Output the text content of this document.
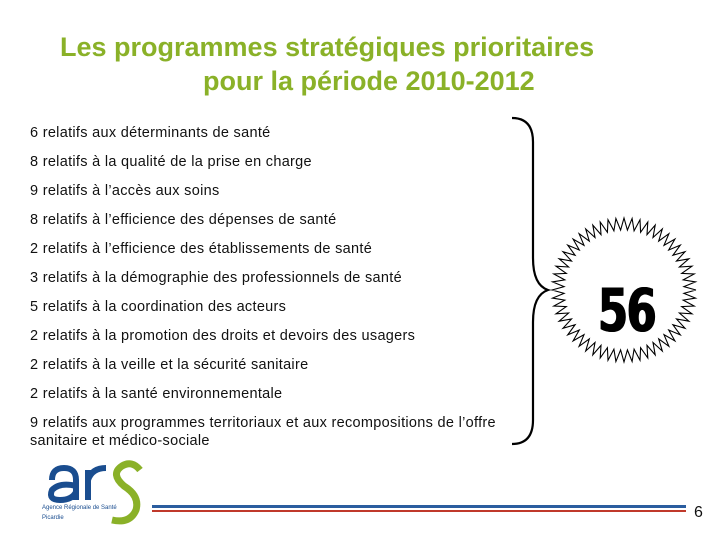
Les programmes stratégiques prioritaires
pour la période 2010-2012
6 relatifs aux déterminants de santé
8 relatifs à la qualité de la prise en charge
9 relatifs à l’accès aux soins
8 relatifs à l’efficience des dépenses de santé
2 relatifs à l’efficience des établissements de santé
3 relatifs à la démographie des professionnels de santé
5 relatifs à la coordination des acteurs
2 relatifs à la promotion des droits et devoirs des usagers
2 relatifs à la veille et la sécurité sanitaire
2 relatifs à la santé environnementale
9 relatifs aux programmes territoriaux et aux recompositions de l’offre sanitaire et médico-sociale
56
Agence Régionale de Santé
Picardie	6
